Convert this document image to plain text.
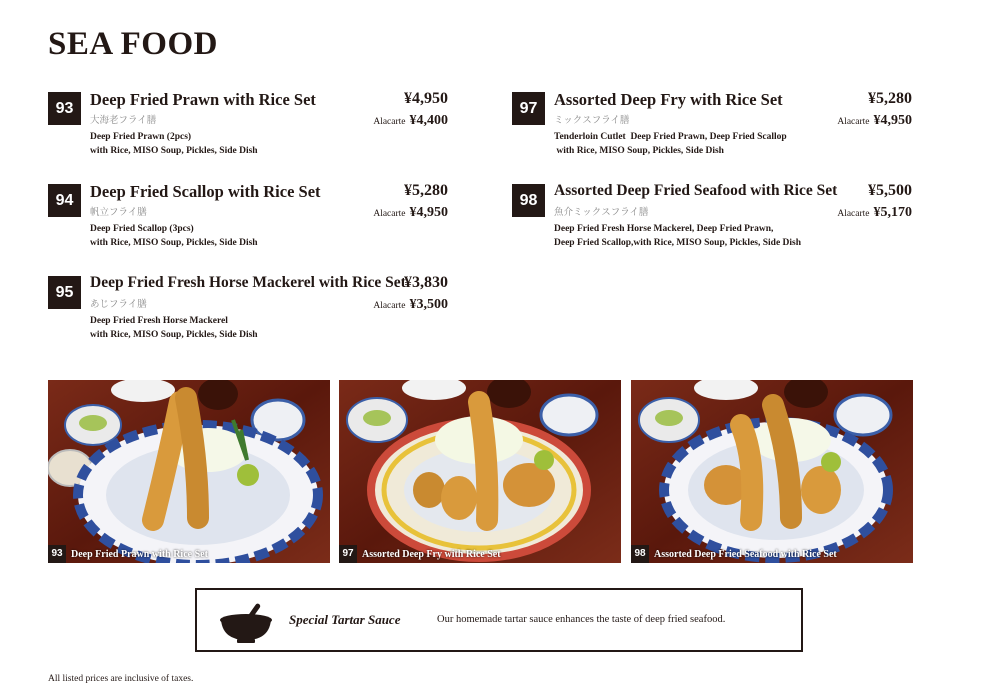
SEA FOOD
93	Deep Fried Prawn with Rice Set	¥4,950
大海老フライ膳	Alacarte ¥4,400
Deep Fried Prawn (2pcs)
with Rice, MISO Soup, Pickles, Side Dish
94	Deep Fried Scallop with Rice Set	¥5,280
帆立フライ膳	Alacarte ¥4,950
Deep Fried Scallop (3pcs)
with Rice, MISO Soup, Pickles, Side Dish
95
Deep Fried Fresh Horse Mackerel with Rice Set
¥3,830
あじフライ膳	Alacarte ¥3,500
Deep Fried Fresh Horse Mackerel
with Rice, MISO Soup, Pickles, Side Dish
97	Assorted Deep Fry with Rice Set	¥5,280
ミックスフライ膳	Alacarte ¥4,950
Tenderloin Cutlet  Deep Fried Prawn, Deep Fried Scallop
with Rice, MISO Soup, Pickles, Side Dish
98
Assorted Deep Fried Seafood with Rice Set ¥5,500
魚介ミックスフライ膳	Alacarte ¥5,170
Deep Fried Fresh Horse Mackerel, Deep Fried Prawn,
Deep Fried Scallop,with Rice, MISO Soup, Pickles, Side Dish
93 Deep Fried Prawn with Rice Set	97 Assorted Deep Fry with Rice Set	98 Assorted Deep Fried Seafood with Rice Set
Special Tartar Sauce	Our homemade tartar sauce enhances the taste of deep fried seafood.
All listed prices are inclusive of taxes.
